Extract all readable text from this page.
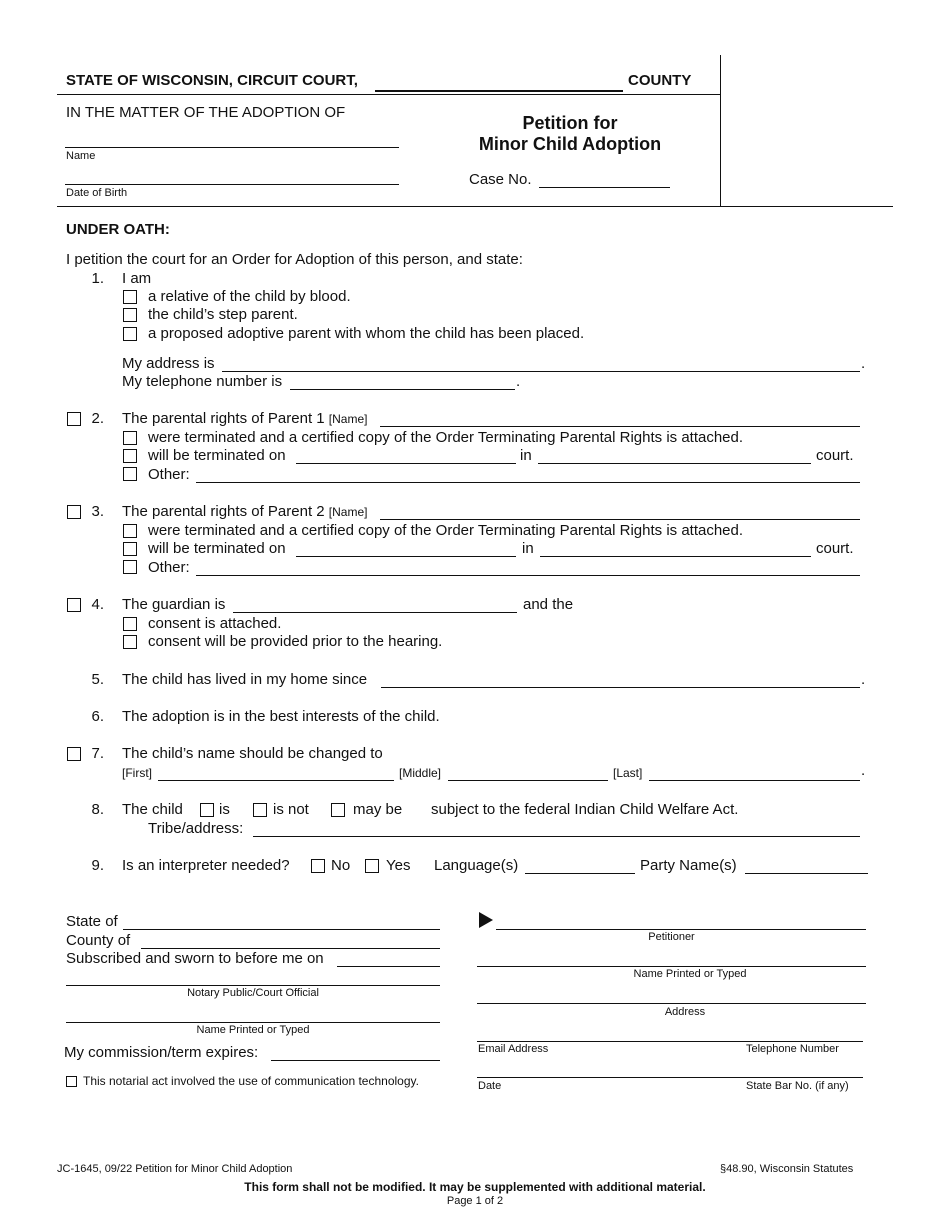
STATE OF WISCONSIN, CIRCUIT COURT,	COUNTY
IN THE MATTER OF THE ADOPTION OF
Name
Date of Birth
Petition for
Minor Child Adoption
Case No.
UNDER OATH:
I petition the court for an Order for Adoption of this person, and state:
1. I am
a relative of the child by blood.
the child’s step parent.
a proposed adoptive parent with whom the child has been placed.
My address is	.
My telephone number is	.
2. The parental rights of Parent 1 [Name]
were terminated and a certified copy of the Order Terminating Parental Rights is attached.
will be terminated on	in	court.
Other:
3. The parental rights of Parent 2 [Name]
were terminated and a certified copy of the Order Terminating Parental Rights is attached.
will be terminated on	in	court.
Other:
4. The guardian is	and the
consent is attached.
consent will be provided prior to the hearing.
5. The child has lived in my home since	.
6. The adoption is in the best interests of the child.
7. The child’s name should be changed to
[First]	[Middle]	[Last]	.
8. The child is	is not	may be subject to the federal Indian Child Welfare Act.
Tribe/address:
9. Is an interpreter needed?	No Yes Language(s)	Party Name(s)
State of
County of
Subscribed and sworn to before me on
Notary Public/Court Official
Name Printed or Typed
My commission/term expires:
This notarial act involved the use of communication technology.
Petitioner
Name Printed or Typed
Address
Email Address	Telephone Number
Date	State Bar No. (if any)
JC-1645, 09/22 Petition for Minor Child Adoption	§48.90, Wisconsin Statutes
This form shall not be modified. It may be supplemented with additional material.
Page 1 of 2
